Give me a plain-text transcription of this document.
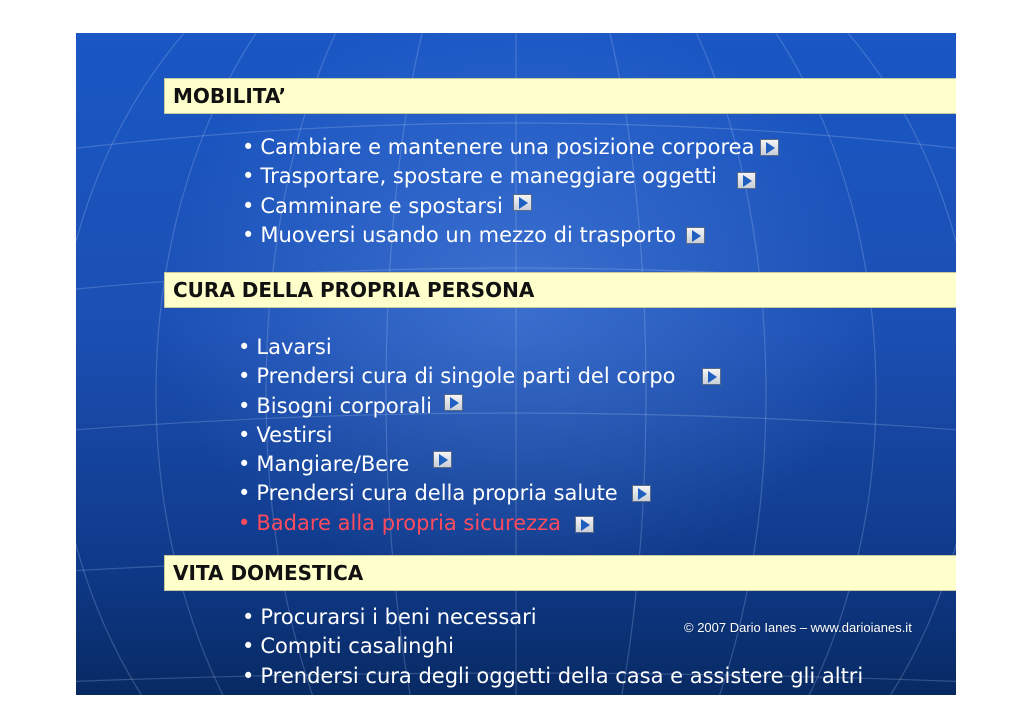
MOBILITA’
• Cambiare e mantenere una posizione corporea
• Trasportare, spostare e maneggiare oggetti
• Camminare e spostarsi
• Muoversi usando un mezzo di trasporto
CURA DELLA PROPRIA PERSONA
• Lavarsi
• Prendersi cura di singole parti del corpo
• Bisogni corporali
• Vestirsi
• Mangiare/Bere
• Prendersi cura della propria salute
• Badare alla propria sicurezza
VITA DOMESTICA
• Procurarsi i beni necessari
• Compiti casalinghi
• Prendersi cura degli oggetti della casa e assistere gli altri
© 2007 Dario Ianes – www.darioianes.it
